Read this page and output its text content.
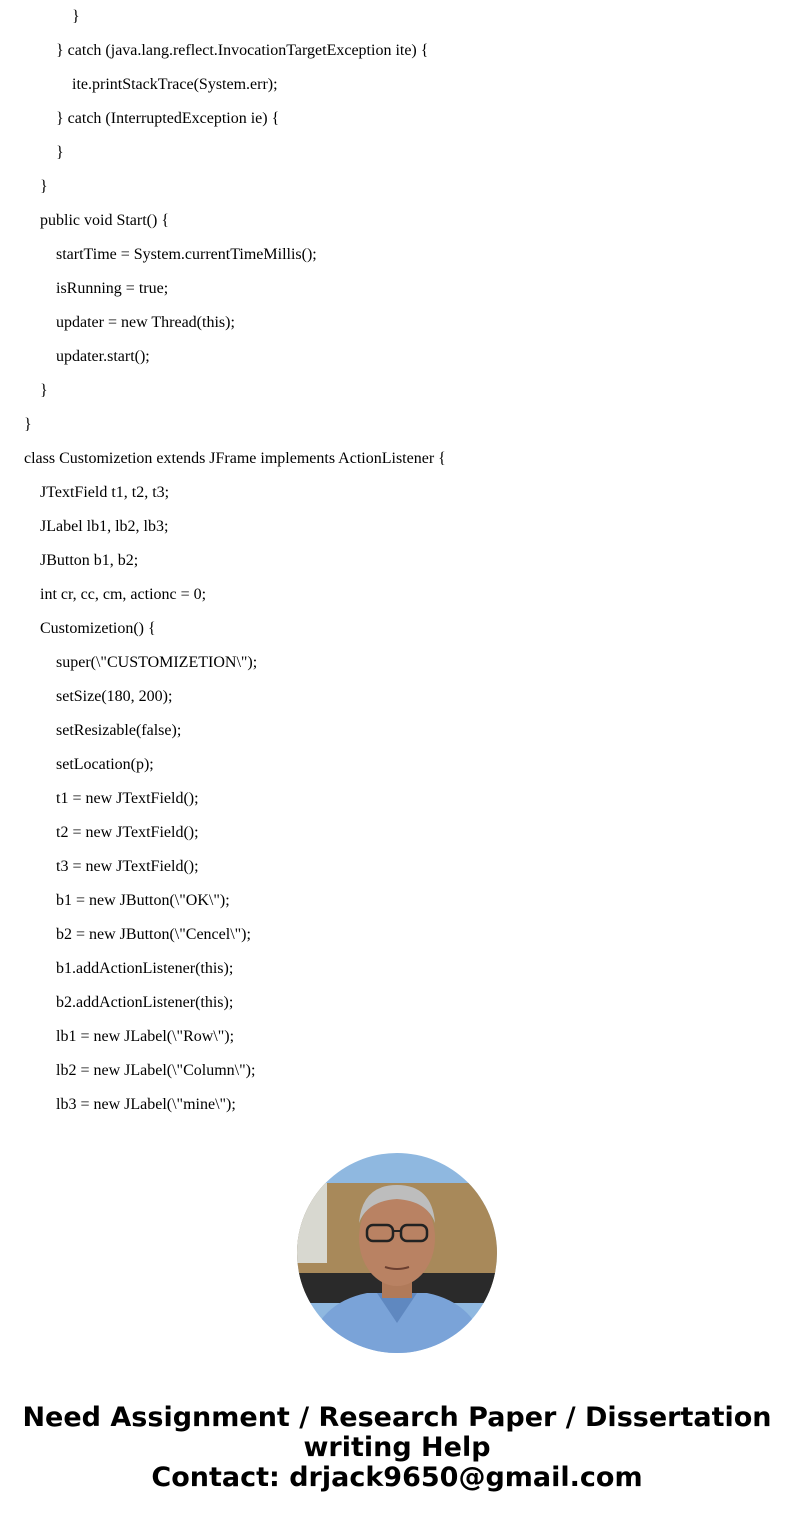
}
} catch (java.lang.reflect.InvocationTargetException ite) {
ite.printStackTrace(System.err);
} catch (InterruptedException ie) {
}
}
public void Start() {
startTime = System.currentTimeMillis();
isRunning = true;
updater = new Thread(this);
updater.start();
}
}
class Customizetion extends JFrame implements ActionListener {
JTextField t1, t2, t3;
JLabel lb1, lb2, lb3;
JButton b1, b2;
int cr, cc, cm, actionc = 0;
Customizetion() {
super(\"CUSTOMIZETION\");
setSize(180, 200);
setResizable(false);
setLocation(p);
t1 = new JTextField();
t2 = new JTextField();
t3 = new JTextField();
b1 = new JButton(\"OK\");
b2 = new JButton(\"Cencel\");
b1.addActionListener(this);
b2.addActionListener(this);
lb1 = new JLabel(\"Row\");
lb2 = new JLabel(\"Column\");
lb3 = new JLabel(\"mine\");
Need Assignment / Research Paper / Dissertation
writing Help
Contact: drjack9650@gmail.com
